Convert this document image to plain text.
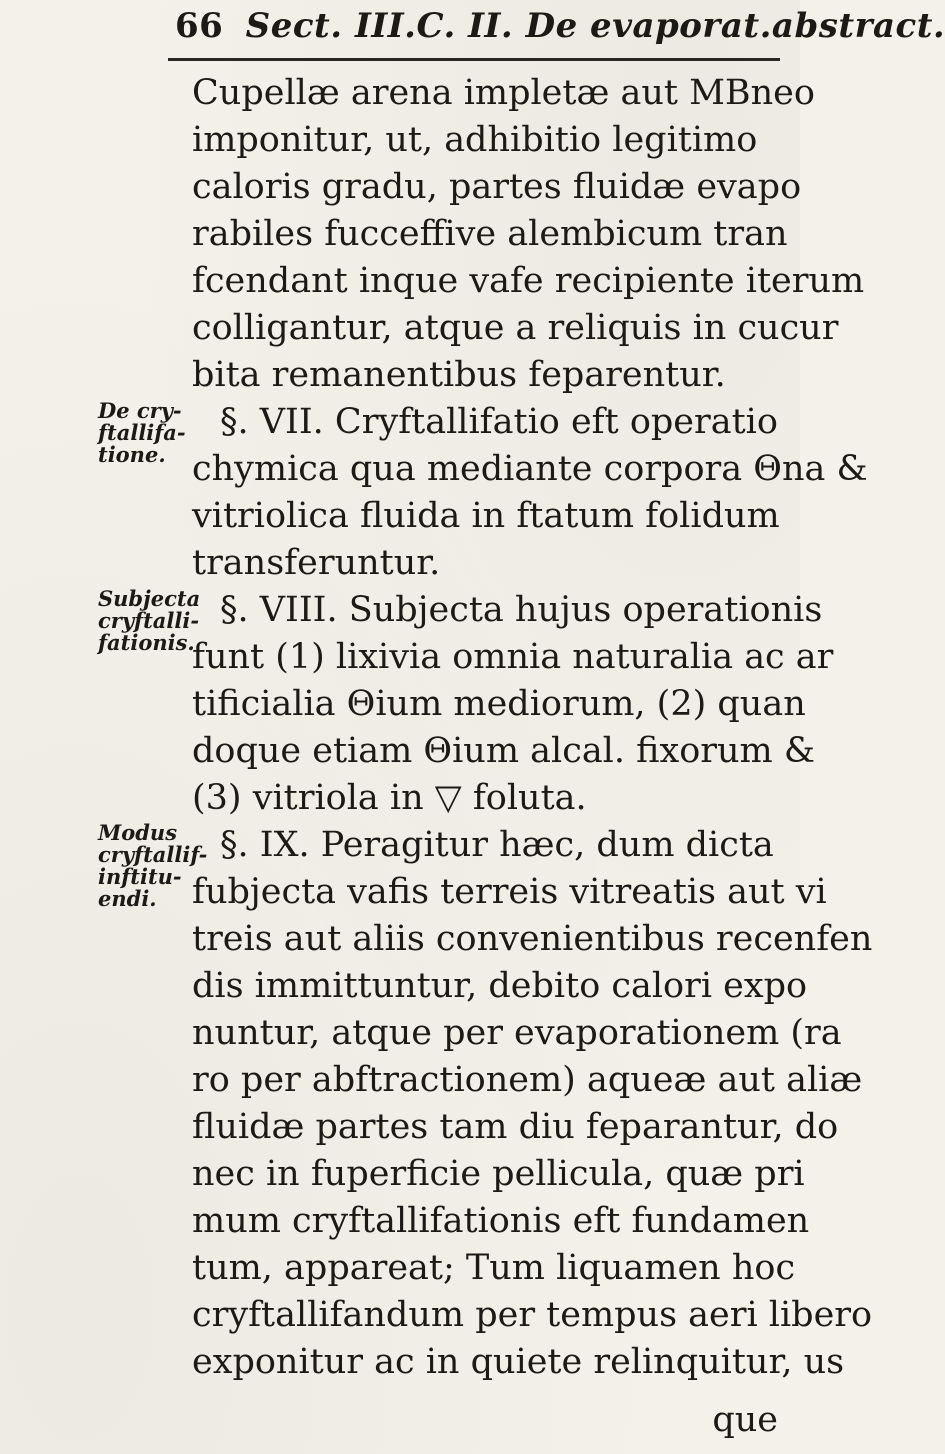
66 Sect. III.C. II. De evaporat.abstract.
Cupellæ arena impletæ aut MBneo
imponitur, ut, adhibitio legitimo
caloris gradu, partes fluidæ evapo
rabiles fucceffive alembicum tran
fcendant inque vafe recipiente iterum
colligantur, atque a reliquis in cucur
bita remanentibus feparentur.
§. VII. Cryftallifatio eft operatio
chymica qua mediante corpora Θna &
vitriolica fluida in ftatum folidum
transferuntur.
§. VIII. Subjecta hujus operationis
funt (1) lixivia omnia naturalia ac ar
tificialia Θium mediorum, (2) quan
doque etiam Θium alcal. fixorum &
(3) vitriola in ▽ foluta.
§. IX. Peragitur hæc, dum dicta
fubjecta vafis terreis vitreatis aut vi
treis aut aliis convenientibus recenfen
dis immittuntur, debito calori expo
nuntur, atque per evaporationem (ra
ro per abftractionem) aqueæ aut aliæ
fluidæ partes tam diu feparantur, do
nec in fuperficie pellicula, quæ pri
mum cryftallifationis eft fundamen
tum, appareat; Tum liquamen hoc
cryftallifandum per tempus aeri libero
exponitur ac in quiete relinquitur, us
que
De cry-
ftallifa-
tione.
Subjecta
cryftalli-
fationis.
Modus
cryftallif-
inftitu-
endi.
